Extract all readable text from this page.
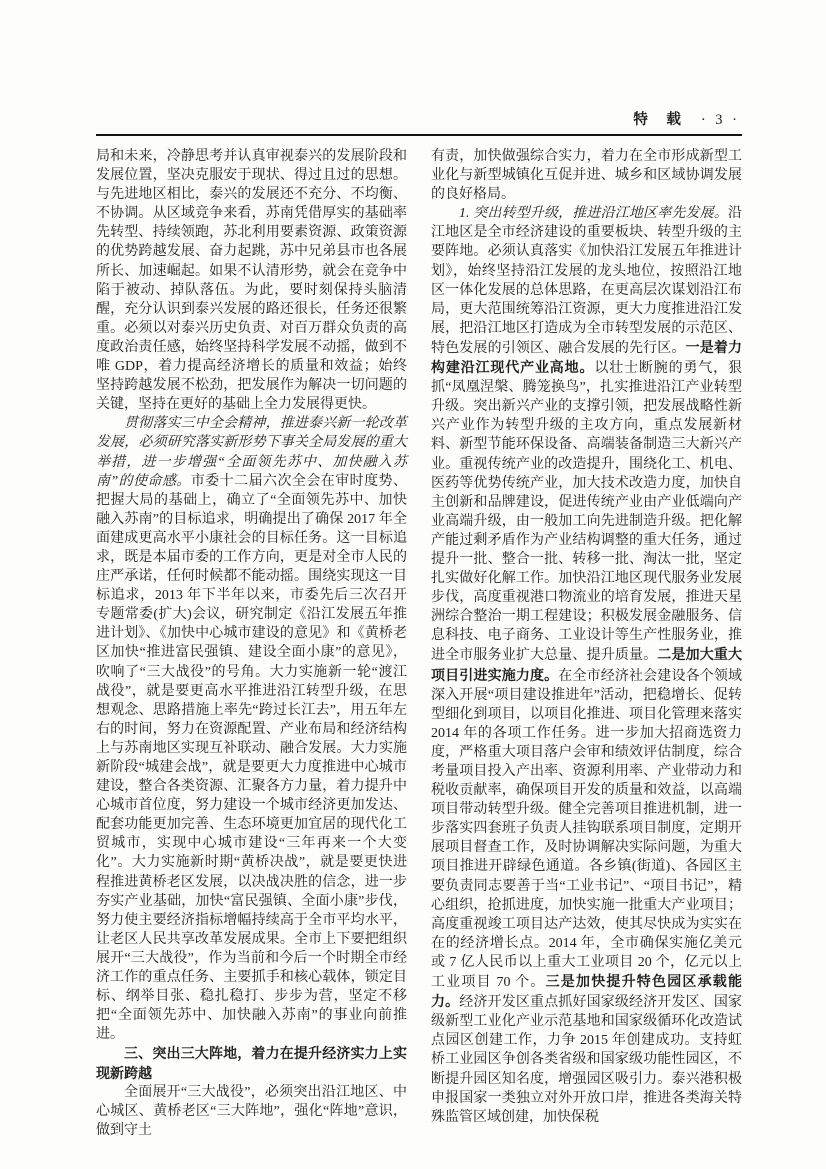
特　载 · 3 ·

局和未来，冷静思考并认真审视泰兴的发展阶段和发展位置，坚决克服安于现状、得过且过的思想。与先进地区相比，泰兴的发展还不充分、不均衡、不协调。从区域竞争来看，苏南凭借厚实的基础率先转型、持续领跑，苏北利用要素资源、政策资源的优势跨越发展、奋力起跳，苏中兄弟县市也各展所长、加速崛起。如果不认清形势，就会在竞争中陷于被动、掉队落伍。为此，要时刻保持头脑清醒，充分认识到泰兴发展的路还很长，任务还很繁重。必须以对泰兴历史负责、对百万群众负责的高度政治责任感，始终坚持科学发展不动摇，做到不唯 GDP，着力提高经济增长的质量和效益；始终坚持跨越发展不松劲，把发展作为解决一切问题的关键，坚持在更好的基础上全力发展得更快。

贯彻落实三中全会精神，推进泰兴新一轮改革发展，必须研究落实新形势下事关全局发展的重大举措，进一步增强“全面领先苏中、加快融入苏南”的使命感。市委十二届六次全会在审时度势、把握大局的基础上，确立了“全面领先苏中、加快融入苏南”的目标追求，明确提出了确保 2017 年全面建成更高水平小康社会的目标任务。这一目标追求，既是本届市委的工作方向，更是对全市人民的庄严承诺，任何时候都不能动摇。围绕实现这一目标追求，2013 年下半年以来，市委先后三次召开专题常委(扩大)会议，研究制定《沿江发展五年推进计划》、《加快中心城市建设的意见》和《黄桥老区加快“推进富民强镇、建设全面小康”的意见》，吹响了“三大战役”的号角。大力实施新一轮“渡江战役”，就是要更高水平推进沿江转型升级，在思想观念、思路措施上率先“跨过长江去”，用五年左右的时间，努力在资源配置、产业布局和经济结构上与苏南地区实现互补联动、融合发展。大力实施新阶段“城建会战”，就是要更大力度推进中心城市建设，整合各类资源、汇聚各方力量，着力提升中心城市首位度，努力建设一个城市经济更加发达、配套功能更加完善、生态环境更加宜居的现代化工贸城市，实现中心城市建设“三年再来一个大变化”。大力实施新时期“黄桥决战”，就是要更快进程推进黄桥老区发展，以决战决胜的信念，进一步夯实产业基础，加快“富民强镇、全面小康”步伐，努力使主要经济指标增幅持续高于全市平均水平，让老区人民共享改革发展成果。全市上下要把组织展开“三大战役”，作为当前和今后一个时期全市经济工作的重点任务、主要抓手和核心载体，锁定目标、纲举目张、稳扎稳打、步步为营，坚定不移把“全面领先苏中、加快融入苏南”的事业向前推进。

三、突出三大阵地，着力在提升经济实力上实现新跨越

全面展开“三大战役”，必须突出沿江地区、中心城区、黄桥老区“三大阵地”，强化“阵地”意识，做到守土

有责，加快做强综合实力，着力在全市形成新型工业化与新型城镇化互促并进、城乡和区域协调发展的良好格局。

1. 突出转型升级，推进沿江地区率先发展。沿江地区是全市经济建设的重要板块、转型升级的主要阵地。必须认真落实《加快沿江发展五年推进计划》，始终坚持沿江发展的龙头地位，按照沿江地区一体化发展的总体思路，在更高层次谋划沿江布局，更大范围统筹沿江资源，更大力度推进沿江发展，把沿江地区打造成为全市转型发展的示范区、特色发展的引领区、融合发展的先行区。一是着力构建沿江现代产业高地。以壮士断腕的勇气，狠抓“凤凰涅槃、腾笼换鸟”，扎实推进沿江产业转型升级。突出新兴产业的支撑引领，把发展战略性新兴产业作为转型升级的主攻方向，重点发展新材料、新型节能环保设备、高端装备制造三大新兴产业。重视传统产业的改造提升，围绕化工、机电、医药等优势传统产业，加大技术改造力度，加快自主创新和品牌建设，促进传统产业由产业低端向产业高端升级，由一般加工向先进制造升级。把化解产能过剩矛盾作为产业结构调整的重大任务，通过提升一批、整合一批、转移一批、淘汰一批，坚定扎实做好化解工作。加快沿江地区现代服务业发展步伐，高度重视港口物流业的培育发展，推进天星洲综合整治一期工程建设；积极发展金融服务、信息科技、电子商务、工业设计等生产性服务业，推进全市服务业扩大总量、提升质量。二是加大重大项目引进实施力度。在全市经济社会建设各个领域深入开展“项目建设推进年”活动，把稳增长、促转型细化到项目，以项目化推进、项目化管理来落实 2014 年的各项工作任务。进一步加大招商选资力度，严格重大项目落户会审和绩效评估制度，综合考量项目投入产出率、资源利用率、产业带动力和税收贡献率，确保项目开发的质量和效益，以高端项目带动转型升级。健全完善项目推进机制，进一步落实四套班子负责人挂钩联系项目制度，定期开展项目督查工作，及时协调解决实际问题，为重大项目推进开辟绿色通道。各乡镇(街道)、各园区主要负责同志要善于当“工业书记”、“项目书记”，精心组织，抢抓进度，加快实施一批重大产业项目；高度重视竣工项目达产达效，使其尽快成为实实在在的经济增长点。2014 年，全市确保实施亿美元或 7 亿人民币以上重大工业项目 20 个，亿元以上工业项目 70 个。三是加快提升特色园区承载能力。经济开发区重点抓好国家级经济开发区、国家级新型工业化产业示范基地和国家级循环化改造试点园区创建工作，力争 2015 年创建成功。支持虹桥工业园区争创各类省级和国家级功能性园区，不断提升园区知名度，增强园区吸引力。泰兴港积极申报国家一类独立对外开放口岸，推进各类海关特殊监管区域创建，加快保税
